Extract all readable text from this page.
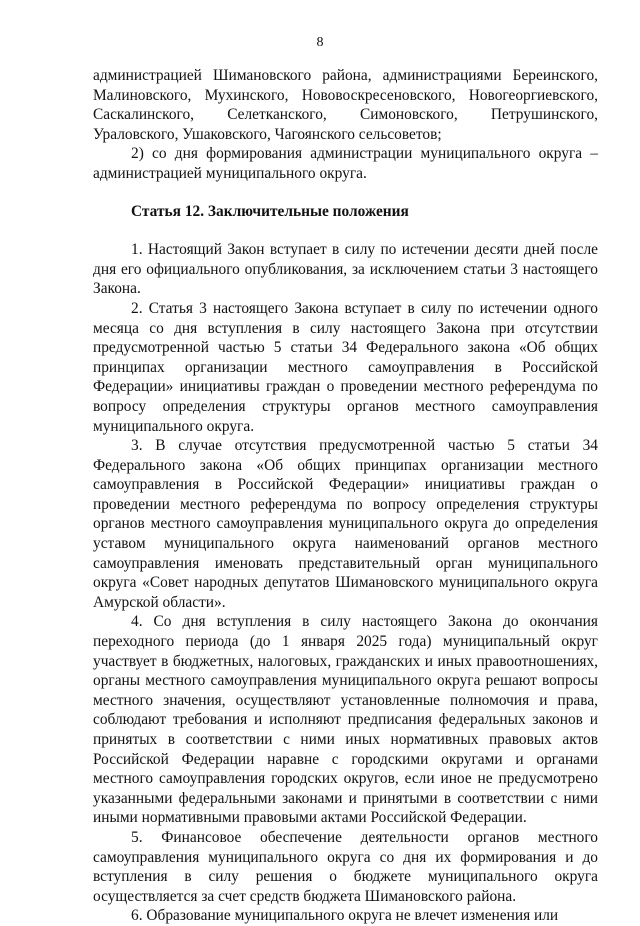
8

администрацией Шимановского района, администрациями Береинского, Малиновского, Мухинского, Нововоскресеновского, Новогеоргиевского, Саскалинского, Селетканского, Симоновского, Петрушинского, Ураловского, Ушаковского, Чагоянского сельсоветов;

2) со дня формирования администрации муниципального округа – администрацией муниципального округа.

Статья 12. Заключительные положения

1. Настоящий Закон вступает в силу по истечении десяти дней после дня его официального опубликования, за исключением статьи 3 настоящего Закона.

2. Статья 3 настоящего Закона вступает в силу по истечении одного месяца со дня вступления в силу настоящего Закона при отсутствии предусмотренной частью 5 статьи 34 Федерального закона «Об общих принципах организации местного самоуправления в Российской Федерации» инициативы граждан о проведении местного референдума по вопросу определения структуры органов местного самоуправления муниципального округа.

3. В случае отсутствия предусмотренной частью 5 статьи 34 Федерального закона «Об общих принципах организации местного самоуправления в Российской Федерации» инициативы граждан о проведении местного референдума по вопросу определения структуры органов местного самоуправления муниципального округа до определения уставом муниципального округа наименований органов местного самоуправления именовать представительный орган муниципального округа «Совет народных депутатов Шимановского муниципального округа Амурской области».

4. Со дня вступления в силу настоящего Закона до окончания переходного периода (до 1 января 2025 года) муниципальный округ участвует в бюджетных, налоговых, гражданских и иных правоотношениях, органы местного самоуправления муниципального округа решают вопросы местного значения, осуществляют установленные полномочия и права, соблюдают требования и исполняют предписания федеральных законов и принятых в соответствии с ними иных нормативных правовых актов Российской Федерации наравне с городскими округами и органами местного самоуправления городских округов, если иное не предусмотрено указанными федеральными законами и принятыми в соответствии с ними иными нормативными правовыми актами Российской Федерации.

5. Финансовое обеспечение деятельности органов местного самоуправления муниципального округа со дня их формирования и до вступления в силу решения о бюджете муниципального округа осуществляется за счет средств бюджета Шимановского района.

6. Образование муниципального округа не влечет изменения или
